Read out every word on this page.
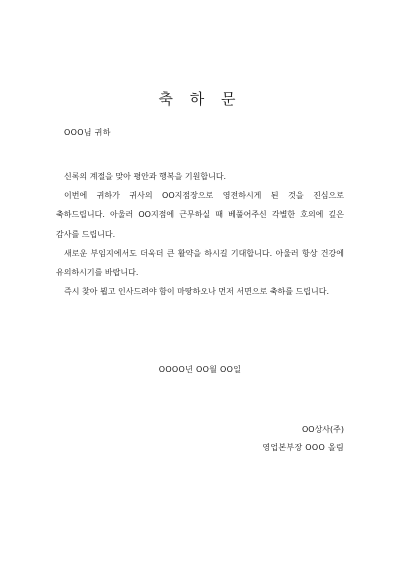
축 하 문
OOO님 귀하

신록의 계절을 맞아 평안과 행복을 기원합니다.

이번에 귀하가 귀사의 OO지점장으로 영전하시게 된 것을 진심으로 축하드립니다. 아울러 OO지점에 근무하실 때 베풀어주신 각별한 호의에 깊은 감사를 드립니다.

새로운 부임지에서도 더욱더 큰 활약을 하시길 기대합니다. 아울러 항상 건강에 유의하시기를 바랍니다.

즉시 찾아 뵙고 인사드려야 함이 마땅하오나 먼저 서면으로 축하를 드립니다.

OOOO년 OO월 OO일
OO상사(주)
영업본부장 OOO 올림
